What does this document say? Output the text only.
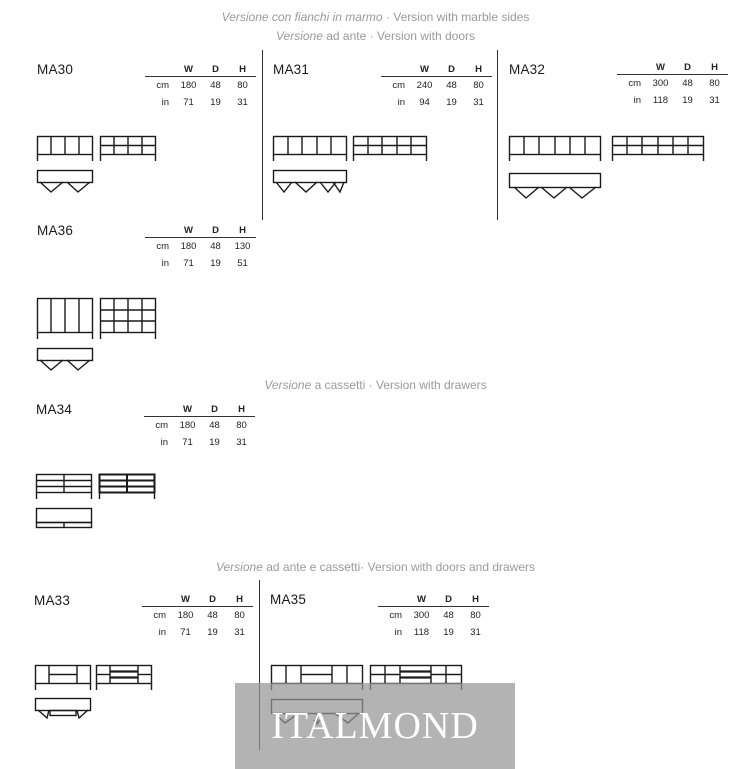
Versione con fianchi in marmo · Version with marble sides
Versione ad ante · Version with doors
Versione a cassetti · Version with drawers
Versione ad ante e cassetti· Version with doors and drawers
MA30
		W	D	H
cm	180	48	80
in	71	19	31
MA31
		W	D	H
cm	240	48	80
in	94	19	31
MA32
		W	D	H
cm	300	48	80
in	118	19	31
MA36
		W	D	H
cm	180	48	130
in	71	19	51
MA34
		W	D	H
cm	180	48	80
in	71	19	31
MA33
		W	D	H
cm	180	48	80
in	71	19	31
MA35
		W	D	H
cm	300	48	80
in	118	19	31
ITALMOND
